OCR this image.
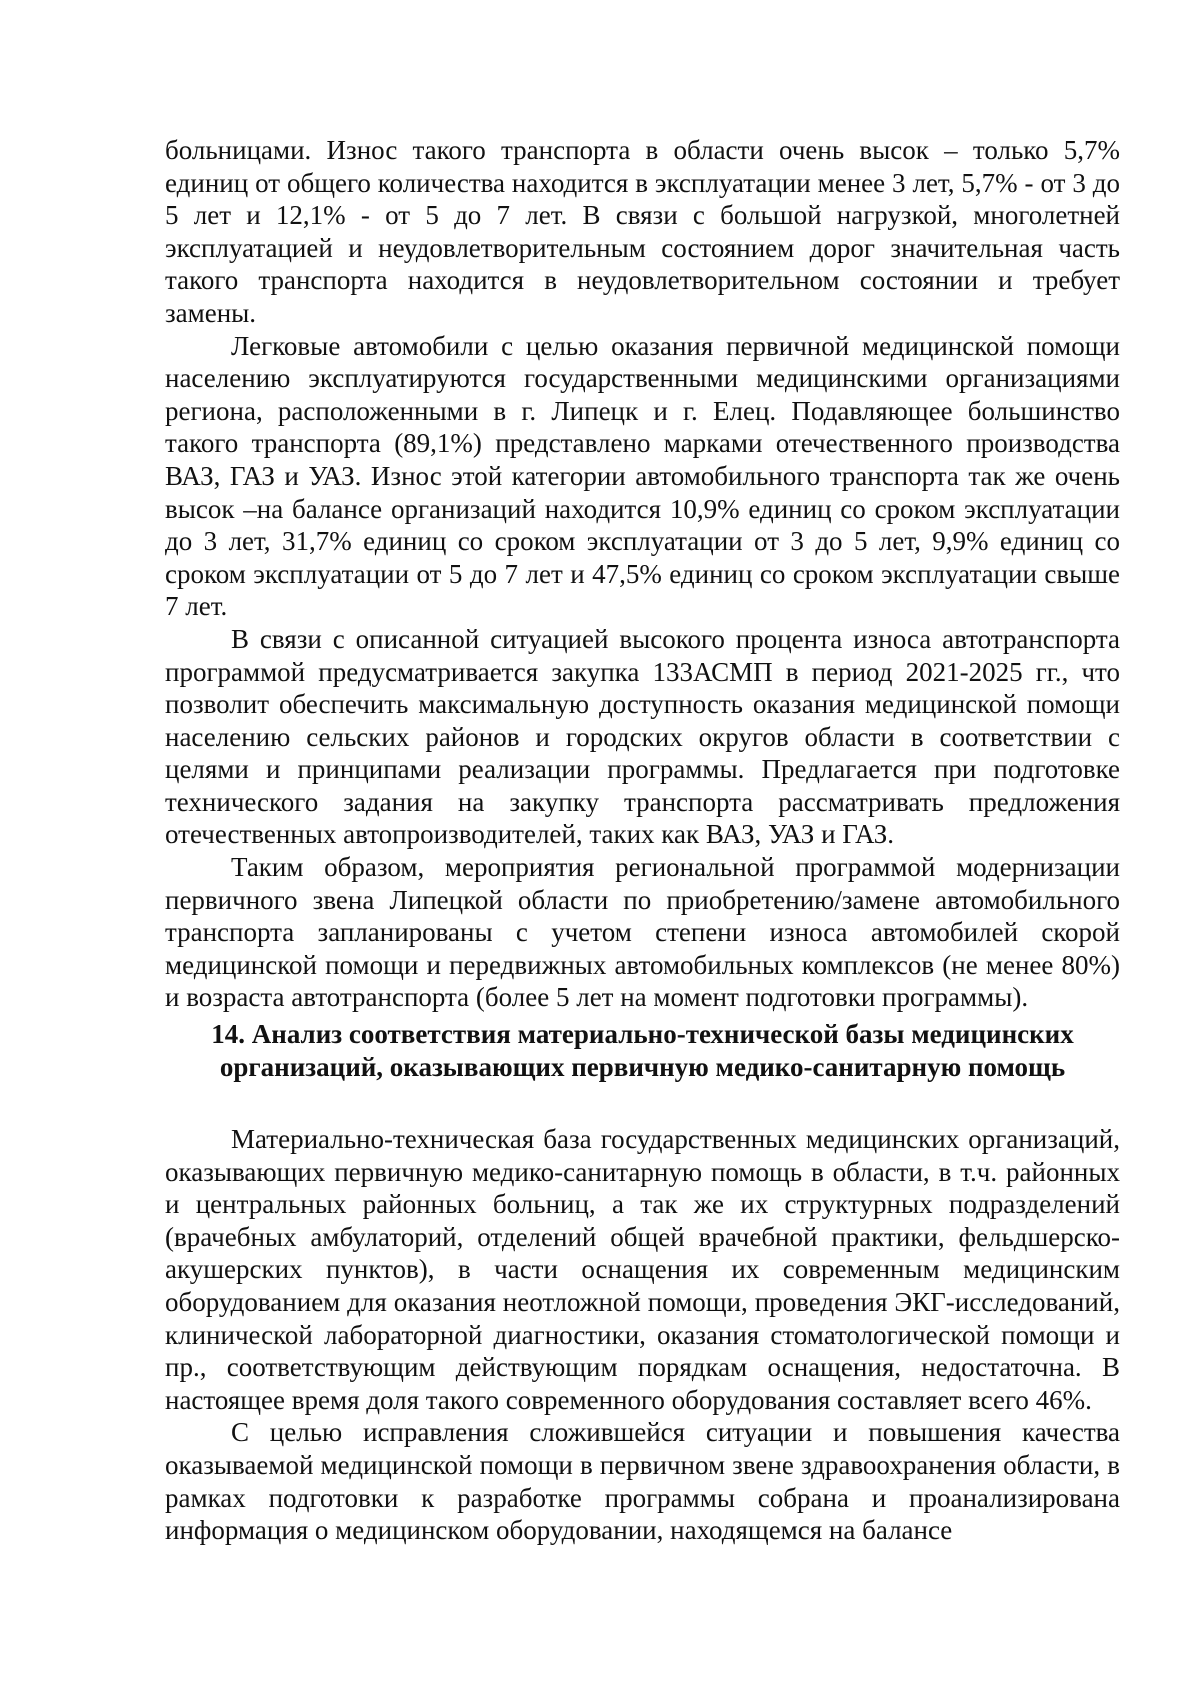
больницами. Износ такого транспорта в области очень высок – только 5,7% единиц от общего количества находится в эксплуатации менее 3 лет, 5,7% - от 3 до 5 лет и 12,1% - от 5 до 7 лет. В связи с большой нагрузкой, многолетней эксплуатацией и неудовлетворительным состоянием дорог значительная часть такого транспорта находится в неудовлетворительном состоянии и требует замены.

Легковые автомобили с целью оказания первичной медицинской помощи населению эксплуатируются государственными медицинскими организациями региона, расположенными в г. Липецк и г. Елец. Подавляющее большинство такого транспорта (89,1%) представлено марками отечественного производства ВАЗ, ГАЗ и УАЗ. Износ этой категории автомобильного транспорта так же очень высок –на балансе организаций находится 10,9% единиц со сроком эксплуатации до 3 лет, 31,7% единиц со сроком эксплуатации от 3 до 5 лет, 9,9% единиц со сроком эксплуатации от 5 до 7 лет и 47,5% единиц со сроком эксплуатации свыше 7 лет.

В связи с описанной ситуацией высокого процента износа автотранспорта программой предусматривается закупка 133АСМП в период 2021-2025 гг., что позволит обеспечить максимальную доступность оказания медицинской помощи населению сельских районов и городских округов области в соответствии с целями и принципами реализации программы. Предлагается при подготовке технического задания на закупку транспорта рассматривать предложения отечественных автопроизводителей, таких как ВАЗ, УАЗ и ГАЗ.

Таким образом, мероприятия региональной программой модернизации первичного звена Липецкой области по приобретению/замене автомобильного транспорта запланированы с учетом степени износа автомобилей скорой медицинской помощи и передвижных автомобильных комплексов (не менее 80%) и возраста автотранспорта (более 5 лет на момент подготовки программы).

14. Анализ соответствия материально-технической базы медицинских организаций, оказывающих первичную медико-санитарную помощь

Материально-техническая база государственных медицинских организаций, оказывающих первичную медико-санитарную помощь в области, в т.ч. районных и центральных районных больниц, а так же их структурных подразделений (врачебных амбулаторий, отделений общей врачебной практики, фельдшерско-акушерских пунктов), в части оснащения их современным медицинским оборудованием для оказания неотложной помощи, проведения ЭКГ-исследований, клинической лабораторной диагностики, оказания стоматологической помощи и пр., соответствующим действующим порядкам оснащения, недостаточна. В настоящее время доля такого современного оборудования составляет всего 46%.

С целью исправления сложившейся ситуации и повышения качества оказываемой медицинской помощи в первичном звене здравоохранения области, в рамках подготовки к разработке программы собрана и проанализирована информация о медицинском оборудовании, находящемся на балансе
